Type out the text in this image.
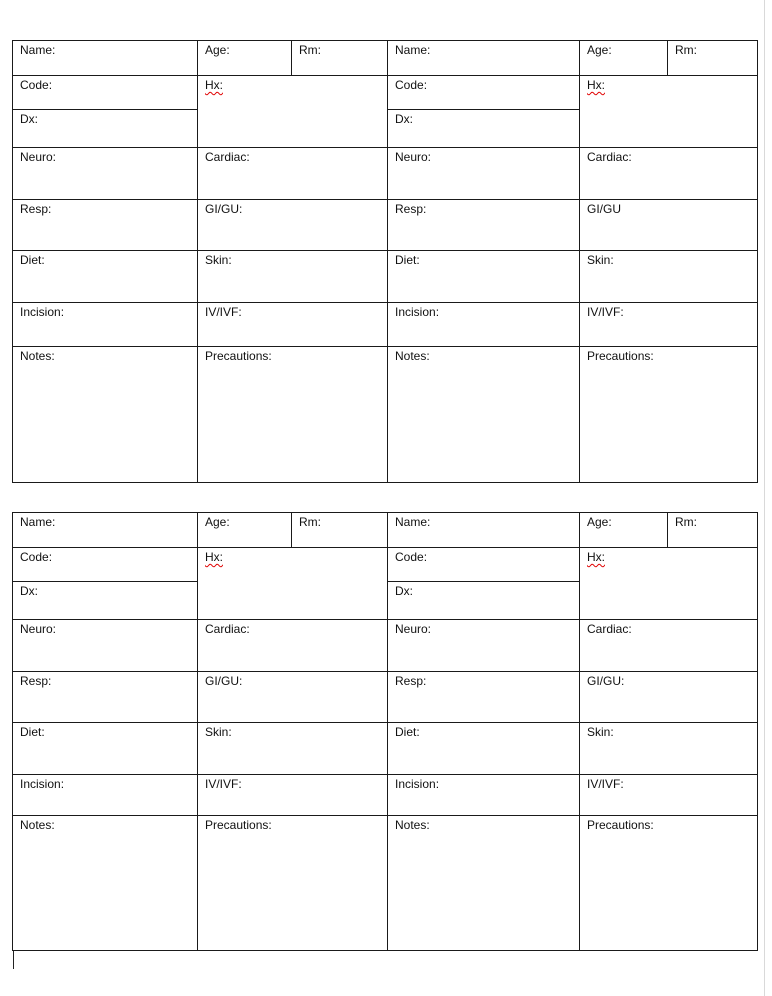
Name:	Age:	Rm:
Code:
Dx:
Hx:
Neuro:	Cardiac:
Resp:	GI/GU:
Diet:	Skin:
Incision:	IV/IVF:
Notes:	Precautions:
Name:	Age:	Rm:
Code:
Dx:
Hx:
Neuro:	Cardiac:
Resp:	GI/GU
Diet:	Skin:
Incision:	IV/IVF:
Notes:	Precautions:
Name:	Age:	Rm:
Code:
Dx:
Hx:
Neuro:	Cardiac:
Resp:	GI/GU:
Diet:	Skin:
Incision:	IV/IVF:
Notes:	Precautions:
Name:	Age:	Rm:
Code:
Dx:
Hx:
Neuro:	Cardiac:
Resp:	GI/GU:
Diet:	Skin:
Incision:	IV/IVF:
Notes:	Precautions:
